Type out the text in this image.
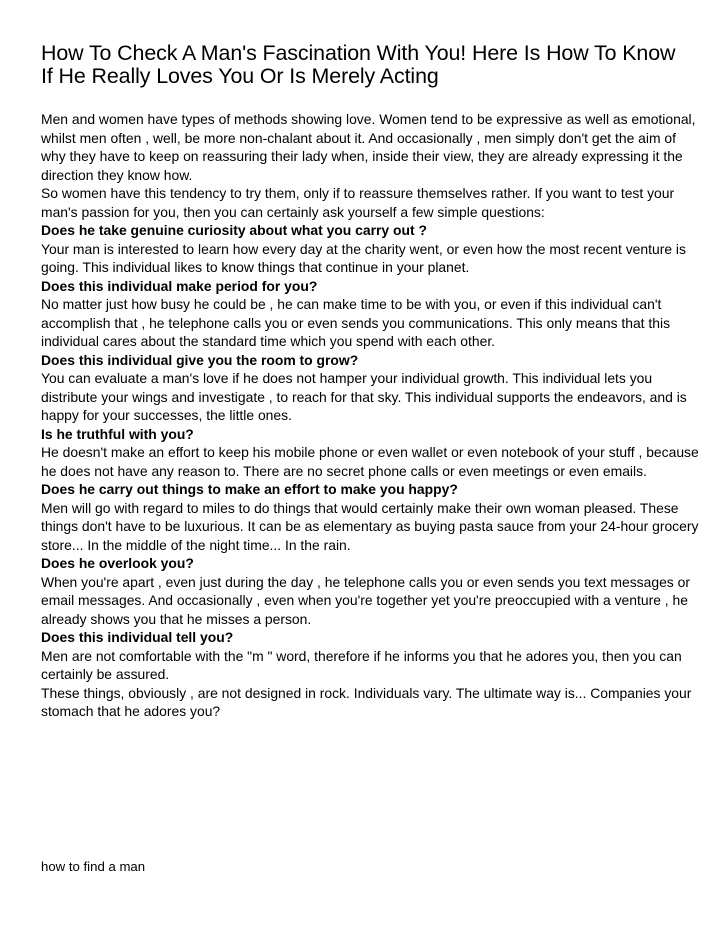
How To Check A Man's Fascination With You! Here Is How To Know If He Really Loves You Or Is Merely Acting

Men and women have types of methods showing love. Women tend to be expressive as well as emotional, whilst men often , well, be more non-chalant about it. And occasionally , men simply don't get the aim of why they have to keep on reassuring their lady when, inside their view, they are already expressing it the direction they know how.

So women have this tendency to try them, only if to reassure themselves rather. If you want to test your man's passion for you, then you can certainly ask yourself a few simple questions:

Does he take genuine curiosity about what you carry out ?

Your man is interested to learn how every day at the charity went, or even how the most recent venture is going. This individual likes to know things that continue in your planet.

Does this individual make period for you?

No matter just how busy he could be , he can make time to be with you, or even if this individual can't accomplish that , he telephone calls you or even sends you communications. This only means that this individual cares about the standard time which you spend with each other.

Does this individual give you the room to grow?

You can evaluate a man's love if he does not hamper your individual growth. This individual lets you distribute your wings and investigate , to reach for that sky. This individual supports the endeavors, and is happy for your successes, the little ones.

Is he truthful with you?

He doesn't make an effort to keep his mobile phone or even wallet or even notebook of your stuff , because he does not have any reason to. There are no secret phone calls or even meetings or even emails.

Does he carry out things to make an effort to make you happy?

Men will go with regard to miles to do things that would certainly make their own woman pleased. These things don't have to be luxurious. It can be as elementary as buying pasta sauce from your 24-hour grocery store... In the middle of the night time... In the rain.

Does he overlook you?

When you're apart , even just during the day , he telephone calls you or even sends you text messages or email messages. And occasionally , even when you're together yet you're preoccupied with a venture , he already shows you that he misses a person.

Does this individual tell you?

Men are not comfortable with the "m " word, therefore if he informs you that he adores you, then you can certainly be assured.

These things, obviously , are not designed in rock. Individuals vary. The ultimate way is... Companies your stomach that he adores you?

how to find a man
